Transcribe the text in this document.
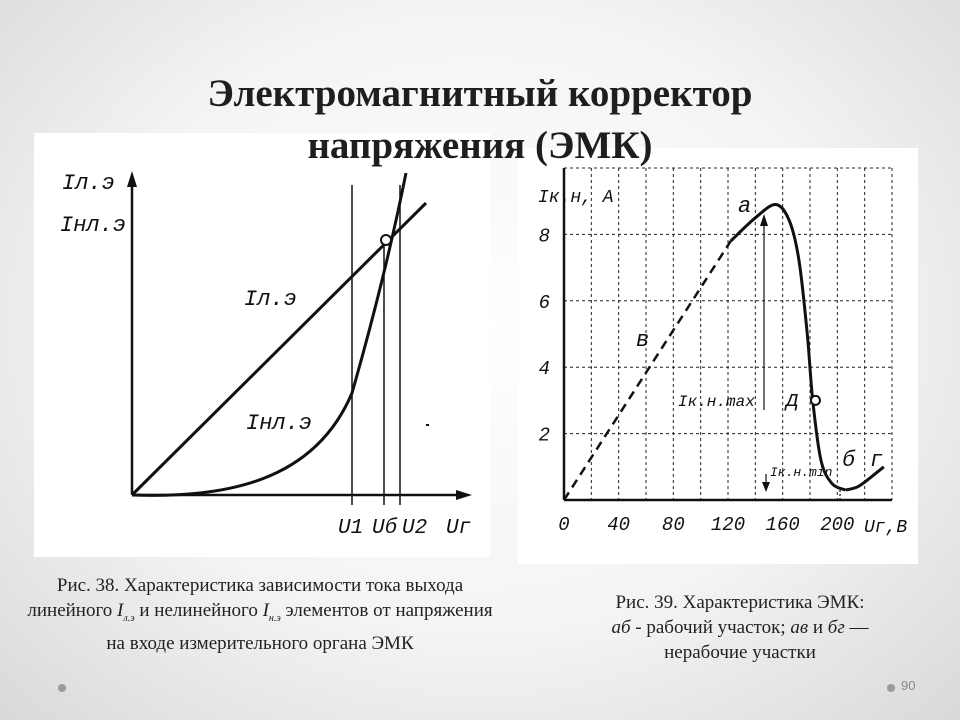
Электромагнитный корректор
напряжения (ЭМК)
Iл.э
Iнл.э
Iл.э
Iнл.э
U1 Uб U2 Uг	0 40 80 120 160 200
2
4
6
8
Iк.н, А	а
в
д
б г
Iк.н.max
Iк.н.min
Uг,В
Рис. 38. Характеристика зависимости тока выхода линейного $I_{л.э}$ и нелинейного $I_{н.э}$ элементов от напряжения на входе измерительного органа ЭМК
Рис. 39. Характеристика ЭМК:
аб - рабочий участок; ав и бг —
нерабочие участки
90
